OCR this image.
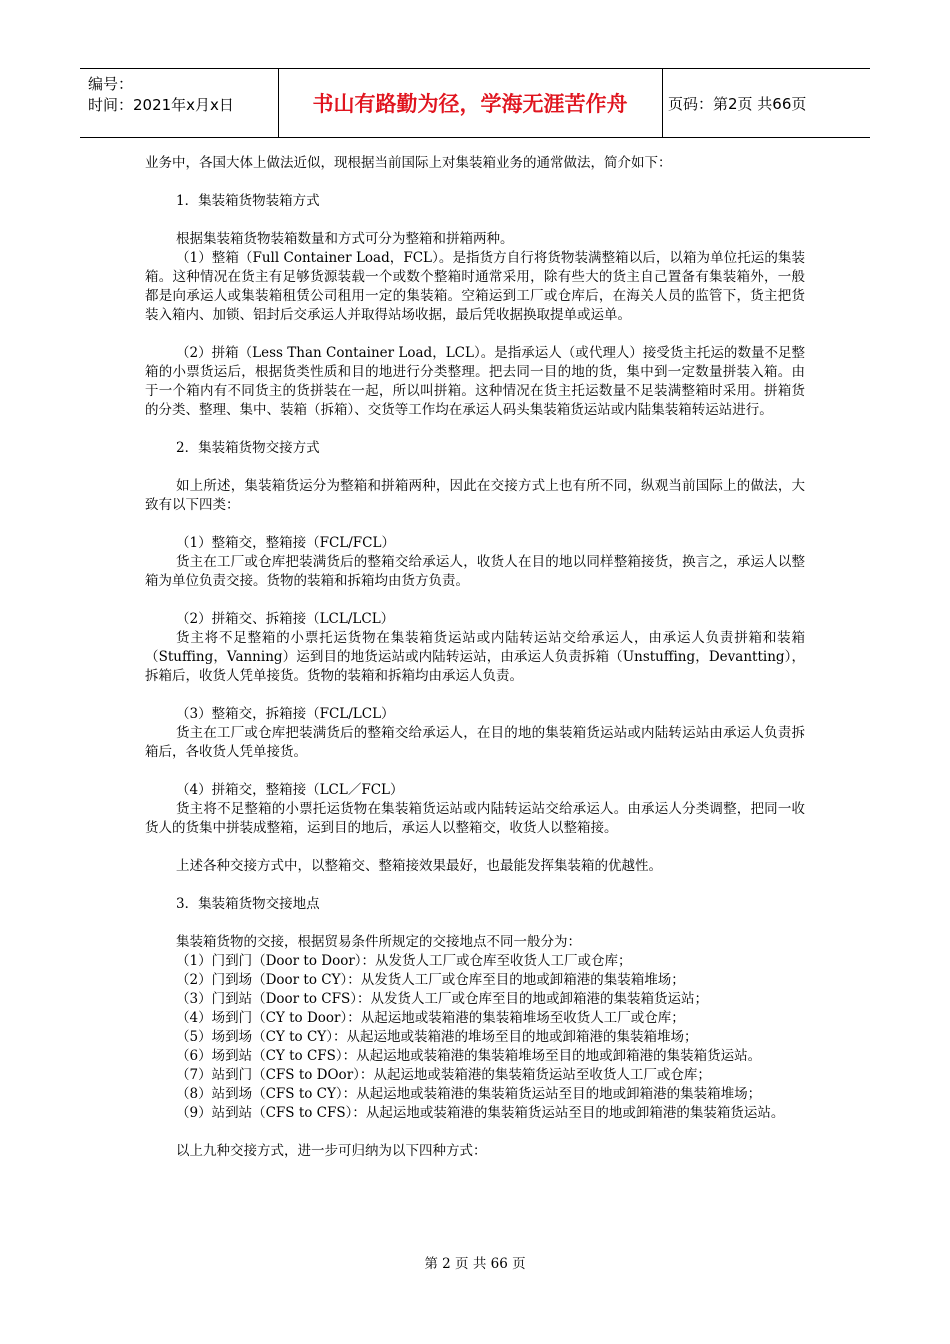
编号：
时间：2021年x月x日	书山有路勤为径，学海无涯苦作舟	页码：第2页 共66页

业务中，各国大体上做法近似，现根据当前国际上对集装箱业务的通常做法，简介如下：

1．集装箱货物装箱方式

根据集装箱货物装箱数量和方式可分为整箱和拼箱两种。

（1）整箱（Full Container Load，FCL）。是指货方自行将货物装满整箱以后，以箱为单位托运的集装箱。这种情况在货主有足够货源装载一个或数个整箱时通常采用，除有些大的货主自己置备有集装箱外，一般都是向承运人或集装箱租赁公司租用一定的集装箱。空箱运到工厂或仓库后，在海关人员的监管下，货主把货装入箱内、加锁、铝封后交承运人并取得站场收据，最后凭收据换取提单或运单。

（2）拼箱（Less Than Container Load，LCL）。是指承运人（或代理人）接受货主托运的数量不足整箱的小票货运后，根据货类性质和目的地进行分类整理。把去同一目的地的货，集中到一定数量拼装入箱。由于一个箱内有不同货主的货拼装在一起，所以叫拼箱。这种情况在货主托运数量不足装满整箱时采用。拼箱货的分类、整理、集中、装箱（拆箱）、交货等工作均在承运人码头集装箱货运站或内陆集装箱转运站进行。

2．集装箱货物交接方式

如上所述，集装箱货运分为整箱和拼箱两种，因此在交接方式上也有所不同，纵观当前国际上的做法，大致有以下四类：

（1）整箱交，整箱接（FCL/FCL）

货主在工厂或仓库把装满货后的整箱交给承运人，收货人在目的地以同样整箱接货，换言之，承运人以整箱为单位负责交接。货物的装箱和拆箱均由货方负责。

（2）拼箱交、拆箱接（LCL/LCL）

货主将不足整箱的小票托运货物在集装箱货运站或内陆转运站交给承运人，由承运人负责拼箱和装箱（Stuffing，Vanning）运到目的地货运站或内陆转运站，由承运人负责拆箱（Unstuffing，Devantting），拆箱后，收货人凭单接货。货物的装箱和拆箱均由承运人负责。

（3）整箱交，拆箱接（FCL/LCL）

货主在工厂或仓库把装满货后的整箱交给承运人，在目的地的集装箱货运站或内陆转运站由承运人负责拆箱后，各收货人凭单接货。

（4）拼箱交，整箱接（LCL／FCL）

货主将不足整箱的小票托运货物在集装箱货运站或内陆转运站交给承运人。由承运人分类调整，把同一收货人的货集中拼装成整箱，运到目的地后，承运人以整箱交，收货人以整箱接。

上述各种交接方式中，以整箱交、整箱接效果最好，也最能发挥集装箱的优越性。

3．集装箱货物交接地点

集装箱货物的交接，根据贸易条件所规定的交接地点不同一般分为：

（1）门到门（Door to Door）：从发货人工厂或仓库至收货人工厂或仓库；

（2）门到场（Door to CY）：从发货人工厂或仓库至目的地或卸箱港的集装箱堆场；

（3）门到站（Door to CFS）：从发货人工厂或仓库至目的地或卸箱港的集装箱货运站；

（4）场到门（CY to Door）：从起运地或装箱港的集装箱堆场至收货人工厂或仓库；

（5）场到场（CY to CY）：从起运地或装箱港的堆场至目的地或卸箱港的集装箱堆场；

（6）场到站（CY to CFS）：从起运地或装箱港的集装箱堆场至目的地或卸箱港的集装箱货运站。

（7）站到门（CFS to DOor）：从起运地或装箱港的集装箱货运站至收货人工厂或仓库；

（8）站到场（CFS to CY）：从起运地或装箱港的集装箱货运站至目的地或卸箱港的集装箱堆场；

（9）站到站（CFS to CFS）：从起运地或装箱港的集装箱货运站至目的地或卸箱港的集装箱货运站。

以上九种交接方式，进一步可归纳为以下四种方式：

第 2 页 共 66 页
